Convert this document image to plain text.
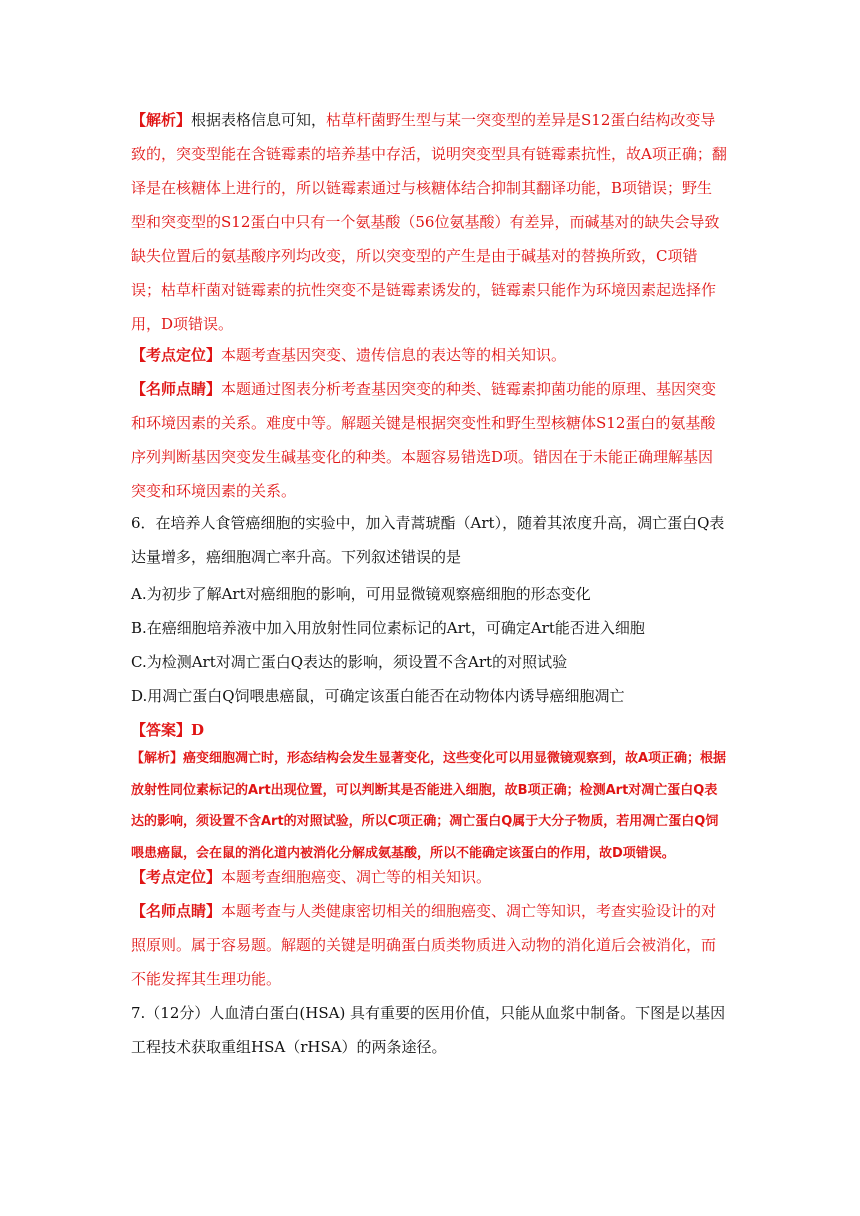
【解析】根据表格信息可知，枯草杆菌野生型与某一突变型的差异是S12蛋白结构改变导致的，突变型能在含链霉素的培养基中存活，说明突变型具有链霉素抗性，故A项正确；翻译是在核糖体上进行的，所以链霉素通过与核糖体结合抑制其翻译功能，B项错误；野生型和突变型的S12蛋白中只有一个氨基酸（56位氨基酸）有差异，而碱基对的缺失会导致缺失位置后的氨基酸序列均改变，所以突变型的产生是由于碱基对的替换所致，C项错误；枯草杆菌对链霉素的抗性突变不是链霉素诱发的，链霉素只能作为环境因素起选择作用，D项错误。

【考点定位】本题考查基因突变、遗传信息的表达等的相关知识。

【名师点睛】本题通过图表分析考查基因突变的种类、链霉素抑菌功能的原理、基因突变和环境因素的关系。难度中等。解题关键是根据突变性和野生型核糖体S12蛋白的氨基酸序列判断基因突变发生碱基变化的种类。本题容易错选D项。错因在于未能正确理解基因突变和环境因素的关系。

6．在培养人食管癌细胞的实验中，加入青蒿琥酯（Art），随着其浓度升高，凋亡蛋白Q表达量增多，癌细胞凋亡率升高。下列叙述错误的是

A.为初步了解Art对癌细胞的影响，可用显微镜观察癌细胞的形态变化

B.在癌细胞培养液中加入用放射性同位素标记的Art，可确定Art能否进入细胞

C.为检测Art对凋亡蛋白Q表达的影响，须设置不含Art的对照试验

D.用凋亡蛋白Q饲喂患癌鼠，可确定该蛋白能否在动物体内诱导癌细胞凋亡

【答案】D

【解析】癌变细胞凋亡时，形态结构会发生显著变化，这些变化可以用显微镜观察到，故A项正确；根据放射性同位素标记的Art出现位置，可以判断其是否能进入细胞，故B项正确；检测Art对凋亡蛋白Q表达的影响，须设置不含Art的对照试验，所以C项正确；凋亡蛋白Q属于大分子物质，若用凋亡蛋白Q饲喂患癌鼠，会在鼠的消化道内被消化分解成氨基酸，所以不能确定该蛋白的作用，故D项错误。

【考点定位】本题考查细胞癌变、凋亡等的相关知识。

【名师点睛】本题考查与人类健康密切相关的细胞癌变、凋亡等知识，考查实验设计的对照原则。属于容易题。解题的关键是明确蛋白质类物质进入动物的消化道后会被消化，而不能发挥其生理功能。

7.（12分）人血清白蛋白(HSA) 具有重要的医用价值，只能从血浆中制备。下图是以基因工程技术获取重组HSA（rHSA）的两条途径。
